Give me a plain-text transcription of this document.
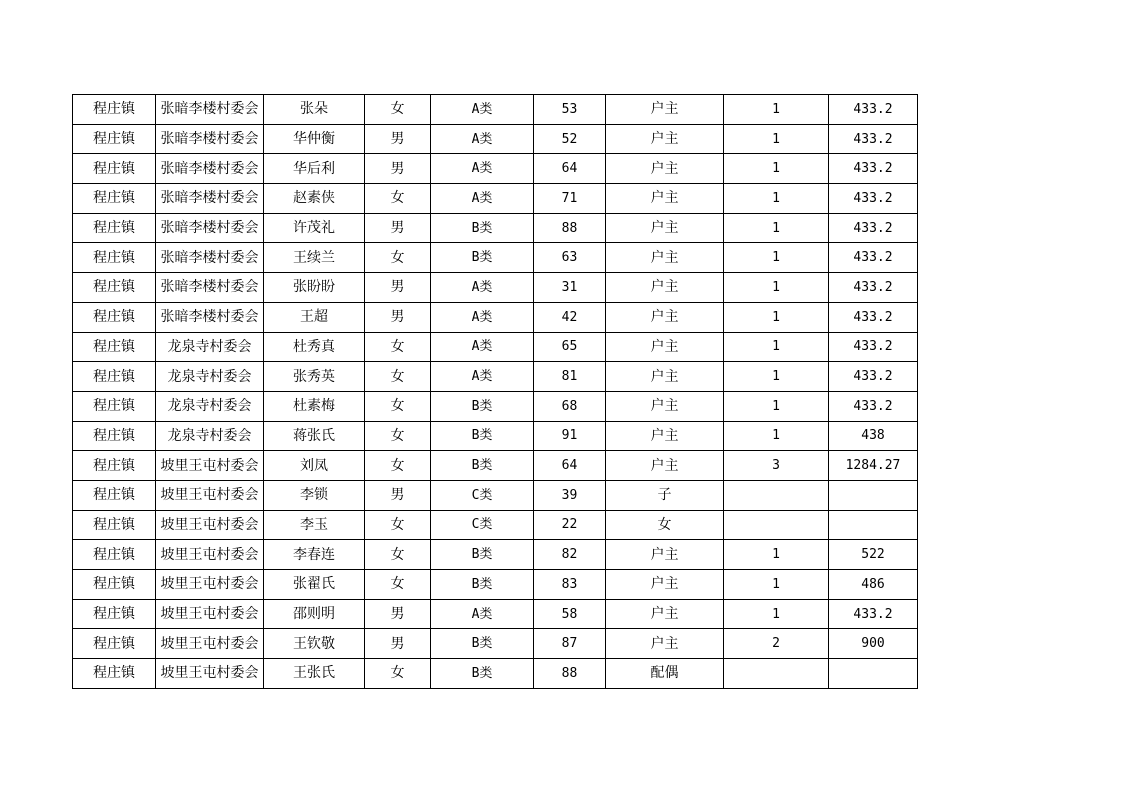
程庄镇	张暗李楼村委会	张朵	女	A类	53	户主	1	433.2
程庄镇	张暗李楼村委会	华仲衡	男	A类	52	户主	1	433.2
程庄镇	张暗李楼村委会	华后利	男	A类	64	户主	1	433.2
程庄镇	张暗李楼村委会	赵素侠	女	A类	71	户主	1	433.2
程庄镇	张暗李楼村委会	许茂礼	男	B类	88	户主	1	433.2
程庄镇	张暗李楼村委会	王续兰	女	B类	63	户主	1	433.2
程庄镇	张暗李楼村委会	张盼盼	男	A类	31	户主	1	433.2
程庄镇	张暗李楼村委会	王超	男	A类	42	户主	1	433.2
程庄镇	龙泉寺村委会	杜秀真	女	A类	65	户主	1	433.2
程庄镇	龙泉寺村委会	张秀英	女	A类	81	户主	1	433.2
程庄镇	龙泉寺村委会	杜素梅	女	B类	68	户主	1	433.2
程庄镇	龙泉寺村委会	蒋张氏	女	B类	91	户主	1	438
程庄镇	坡里王屯村委会	刘凤	女	B类	64	户主	3	1284.27
程庄镇	坡里王屯村委会	李锁	男	C类	39	子		
程庄镇	坡里王屯村委会	李玉	女	C类	22	女		
程庄镇	坡里王屯村委会	李春连	女	B类	82	户主	1	522
程庄镇	坡里王屯村委会	张翟氏	女	B类	83	户主	1	486
程庄镇	坡里王屯村委会	邵则明	男	A类	58	户主	1	433.2
程庄镇	坡里王屯村委会	王钦敬	男	B类	87	户主	2	900
程庄镇	坡里王屯村委会	王张氏	女	B类	88	配偶		
